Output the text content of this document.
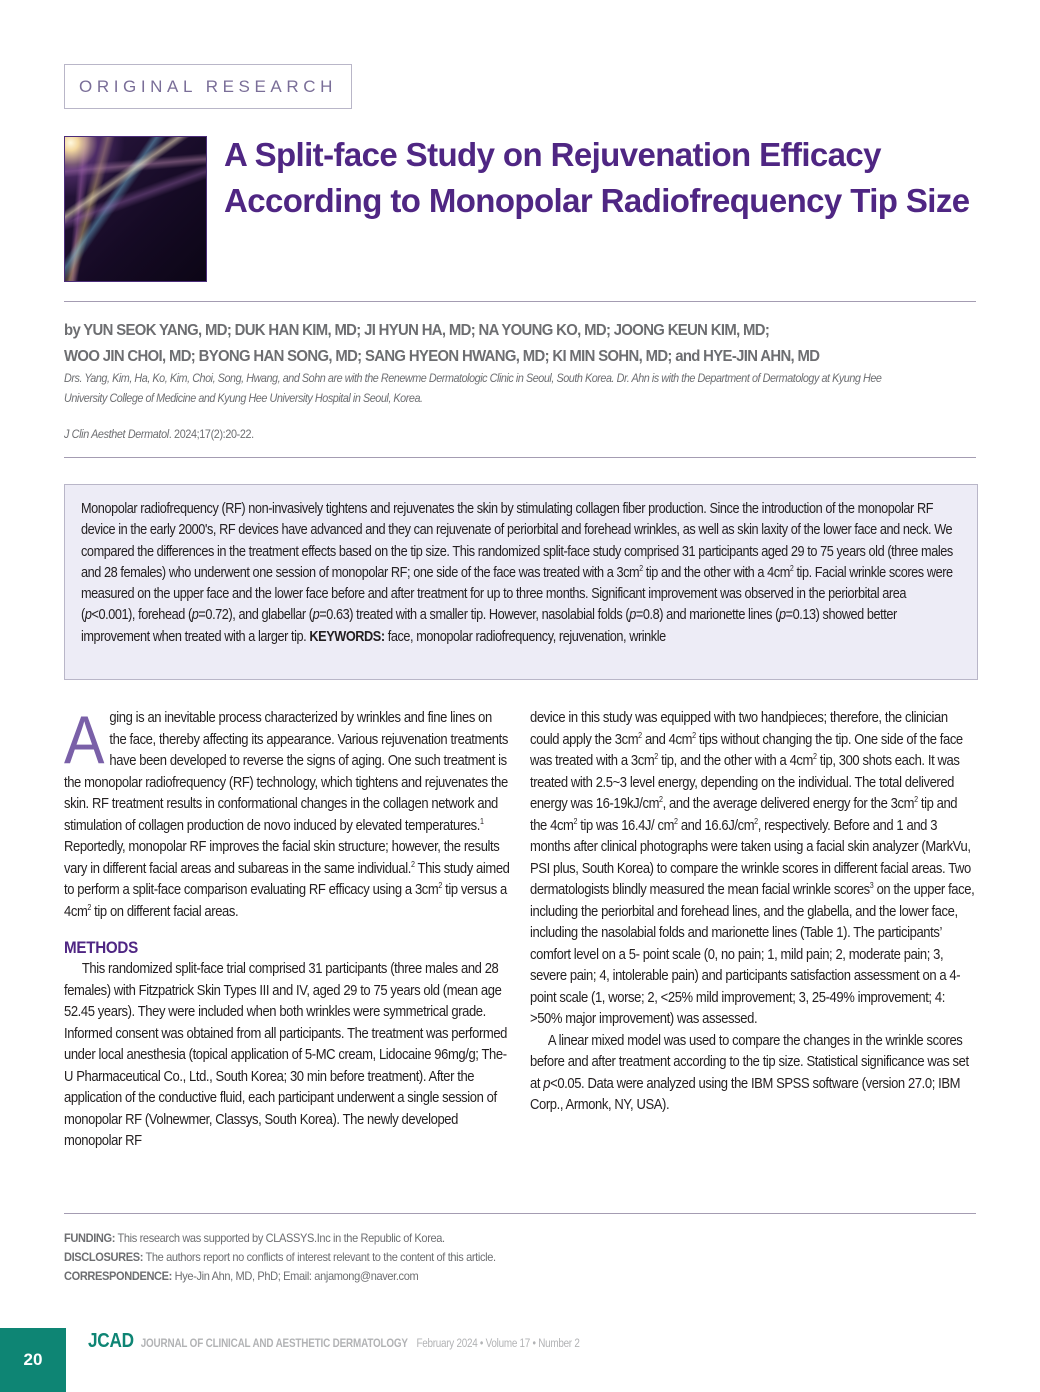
ORIGINAL RESEARCH
A Split-face Study on Rejuvenation Efficacy
According to Monopolar Radiofrequency Tip Size
by YUN SEOK YANG, MD; DUK HAN KIM, MD; JI HYUN HA, MD; NA YOUNG KO, MD; JOONG KEUN KIM, MD;
WOO JIN CHOI, MD; BYONG HAN SONG, MD; SANG HYEON HWANG, MD; KI MIN SOHN, MD; and HYE-JIN AHN, MD
Drs. Yang, Kim, Ha, Ko, Kim, Choi, Song, Hwang, and Sohn are with the Renewme Dermatologic Clinic in Seoul, South Korea. Dr. Ahn is with the Department of Dermatology at Kyung Hee
University College of Medicine and Kyung Hee University Hospital in Seoul, Korea.
J Clin Aesthet Dermatol. 2024;17(2):20-22.

Monopolar radiofrequency (RF) non-invasively tightens and rejuvenates the skin by stimulating collagen fiber production. Since the introduction of the monopolar RF device in the early 2000's, RF devices have advanced and they can rejuvenate of periorbital and forehead wrinkles, as well as skin laxity of the lower face and neck. We compared the differences in the treatment effects based on the tip size. This randomized split-face study comprised 31 participants aged 29 to 75 years old (three males and 28 females) who underwent one session of monopolar RF; one side of the face was treated with a $3cm^2$ tip and the other with a $4cm^2$ tip. Facial wrinkle scores were measured on the upper face and the lower face before and after treatment for up to three months. Significant improvement was observed in the periorbital area (p<0.001), forehead (p=0.72), and glabellar (p=0.63) treated with a smaller tip. However, nasolabial folds (p=0.8) and marionette lines (p=0.13) showed better improvement when treated with a larger tip. KEYWORDS: face, monopolar radiofrequency, rejuvenation, wrinkle

Aging is an inevitable process characterized by wrinkles and fine lines on the face, thereby affecting its appearance. Various rejuvenation treatments have been developed to reverse the signs of aging. One such treatment is the monopolar radiofrequency (RF) technology, which tightens and rejuvenates the skin. RF treatment results in conformational changes in the collagen network and stimulation of collagen production de novo induced by elevated temperatures.$^1$ Reportedly, monopolar RF improves the facial skin structure; however, the results vary in different facial areas and subareas in the same individual.$^2$ This study aimed to perform a split-face comparison evaluating RF efficacy using a $3cm^2$ tip versus a $4cm^2$ tip on different facial areas.

METHODS

This randomized split-face trial comprised 31 participants (three males and 28 females) with Fitzpatrick Skin Types III and IV, aged 29 to 75 years old (mean age 52.45 years). They were included when both wrinkles were symmetrical grade. Informed consent was obtained from all participants. The treatment was performed under local anesthesia (topical application of 5-MC cream, Lidocaine 96mg/g; The-U Pharmaceutical Co., Ltd., South Korea; 30 min before treatment). After the application of the conductive fluid, each participant underwent a single session of monopolar RF (Volnewmer, Classys, South Korea). The newly developed monopolar RF

device in this study was equipped with two handpieces; therefore, the clinician could apply the $3cm^2$ and $4cm^2$ tips without changing the tip. One side of the face was treated with a $3cm^2$ tip, and the other with a $4cm^2$ tip, 300 shots each. It was treated with 2.5~3 level energy, depending on the individual. The total delivered energy was $16-19kJ/cm^2$, and the average delivered energy for the $3cm^2$ tip and the $4cm^2$ tip was 16.4J/ $cm^2$ and $16.6J/cm^2$, respectively. Before and 1 and 3 months after clinical photographs were taken using a facial skin analyzer (MarkVu, PSI plus, South Korea) to compare the wrinkle scores in different facial areas. Two dermatologists blindly measured the mean facial wrinkle scores$^3$ on the upper face, including the periorbital and forehead lines, and the glabella, and the lower face, including the nasolabial folds and marionette lines (Table 1). The participants’ comfort level on a 5- point scale (0, no pain; 1, mild pain; 2, moderate pain; 3, severe pain; 4, intolerable pain) and participants satisfaction assessment on a 4-point scale (1, worse; 2, <25% mild improvement; 3, 25-49% improvement; 4: >50% major improvement) was assessed.

A linear mixed model was used to compare the changes in the wrinkle scores before and after treatment according to the tip size. Statistical significance was set at p<0.05. Data were analyzed using the IBM SPSS software (version 27.0; IBM Corp., Armonk, NY, USA).

FUNDING: This research was supported by CLASSYS.Inc in the Republic of Korea.
DISCLOSURES: The authors report no conflicts of interest relevant to the content of this article.
CORRESPONDENCE: Hye-Jin Ahn, MD, PhD; Email: anjamong@naver.com
20
JCAD JOURNAL OF CLINICAL AND AESTHETIC DERMATOLOGY February 2024 • Volume 17 • Number 2
